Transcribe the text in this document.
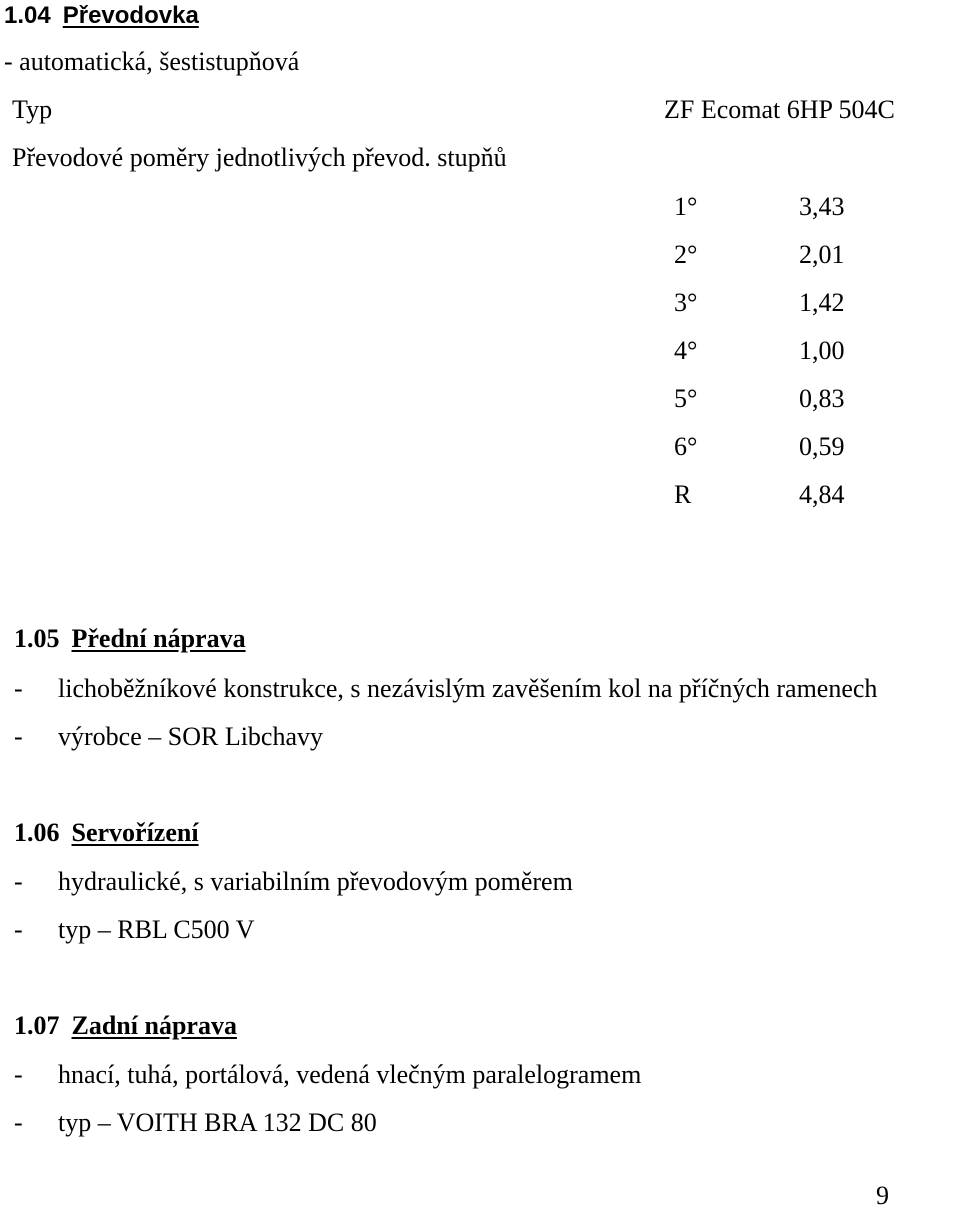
1.04 Převodovka
- automatická, šestistupňová
Typ	ZF Ecomat 6HP 504C
Převodové poměry jednotlivých převod. stupňů
1°	3,43
2°	2,01
3°	1,42
4°	1,00
5°	0,83
6°	0,59
R	4,84
1.05 Přední náprava
- lichoběžníkové konstrukce, s nezávislým zavěšením kol na příčných ramenech
- výrobce – SOR Libchavy
1.06 Servořízení
- hydraulické, s variabilním převodovým poměrem
- typ – RBL C500 V
1.07 Zadní náprava
- hnací, tuhá, portálová, vedená vlečným paralelogramem
- typ – VOITH BRA 132 DC 80
9
